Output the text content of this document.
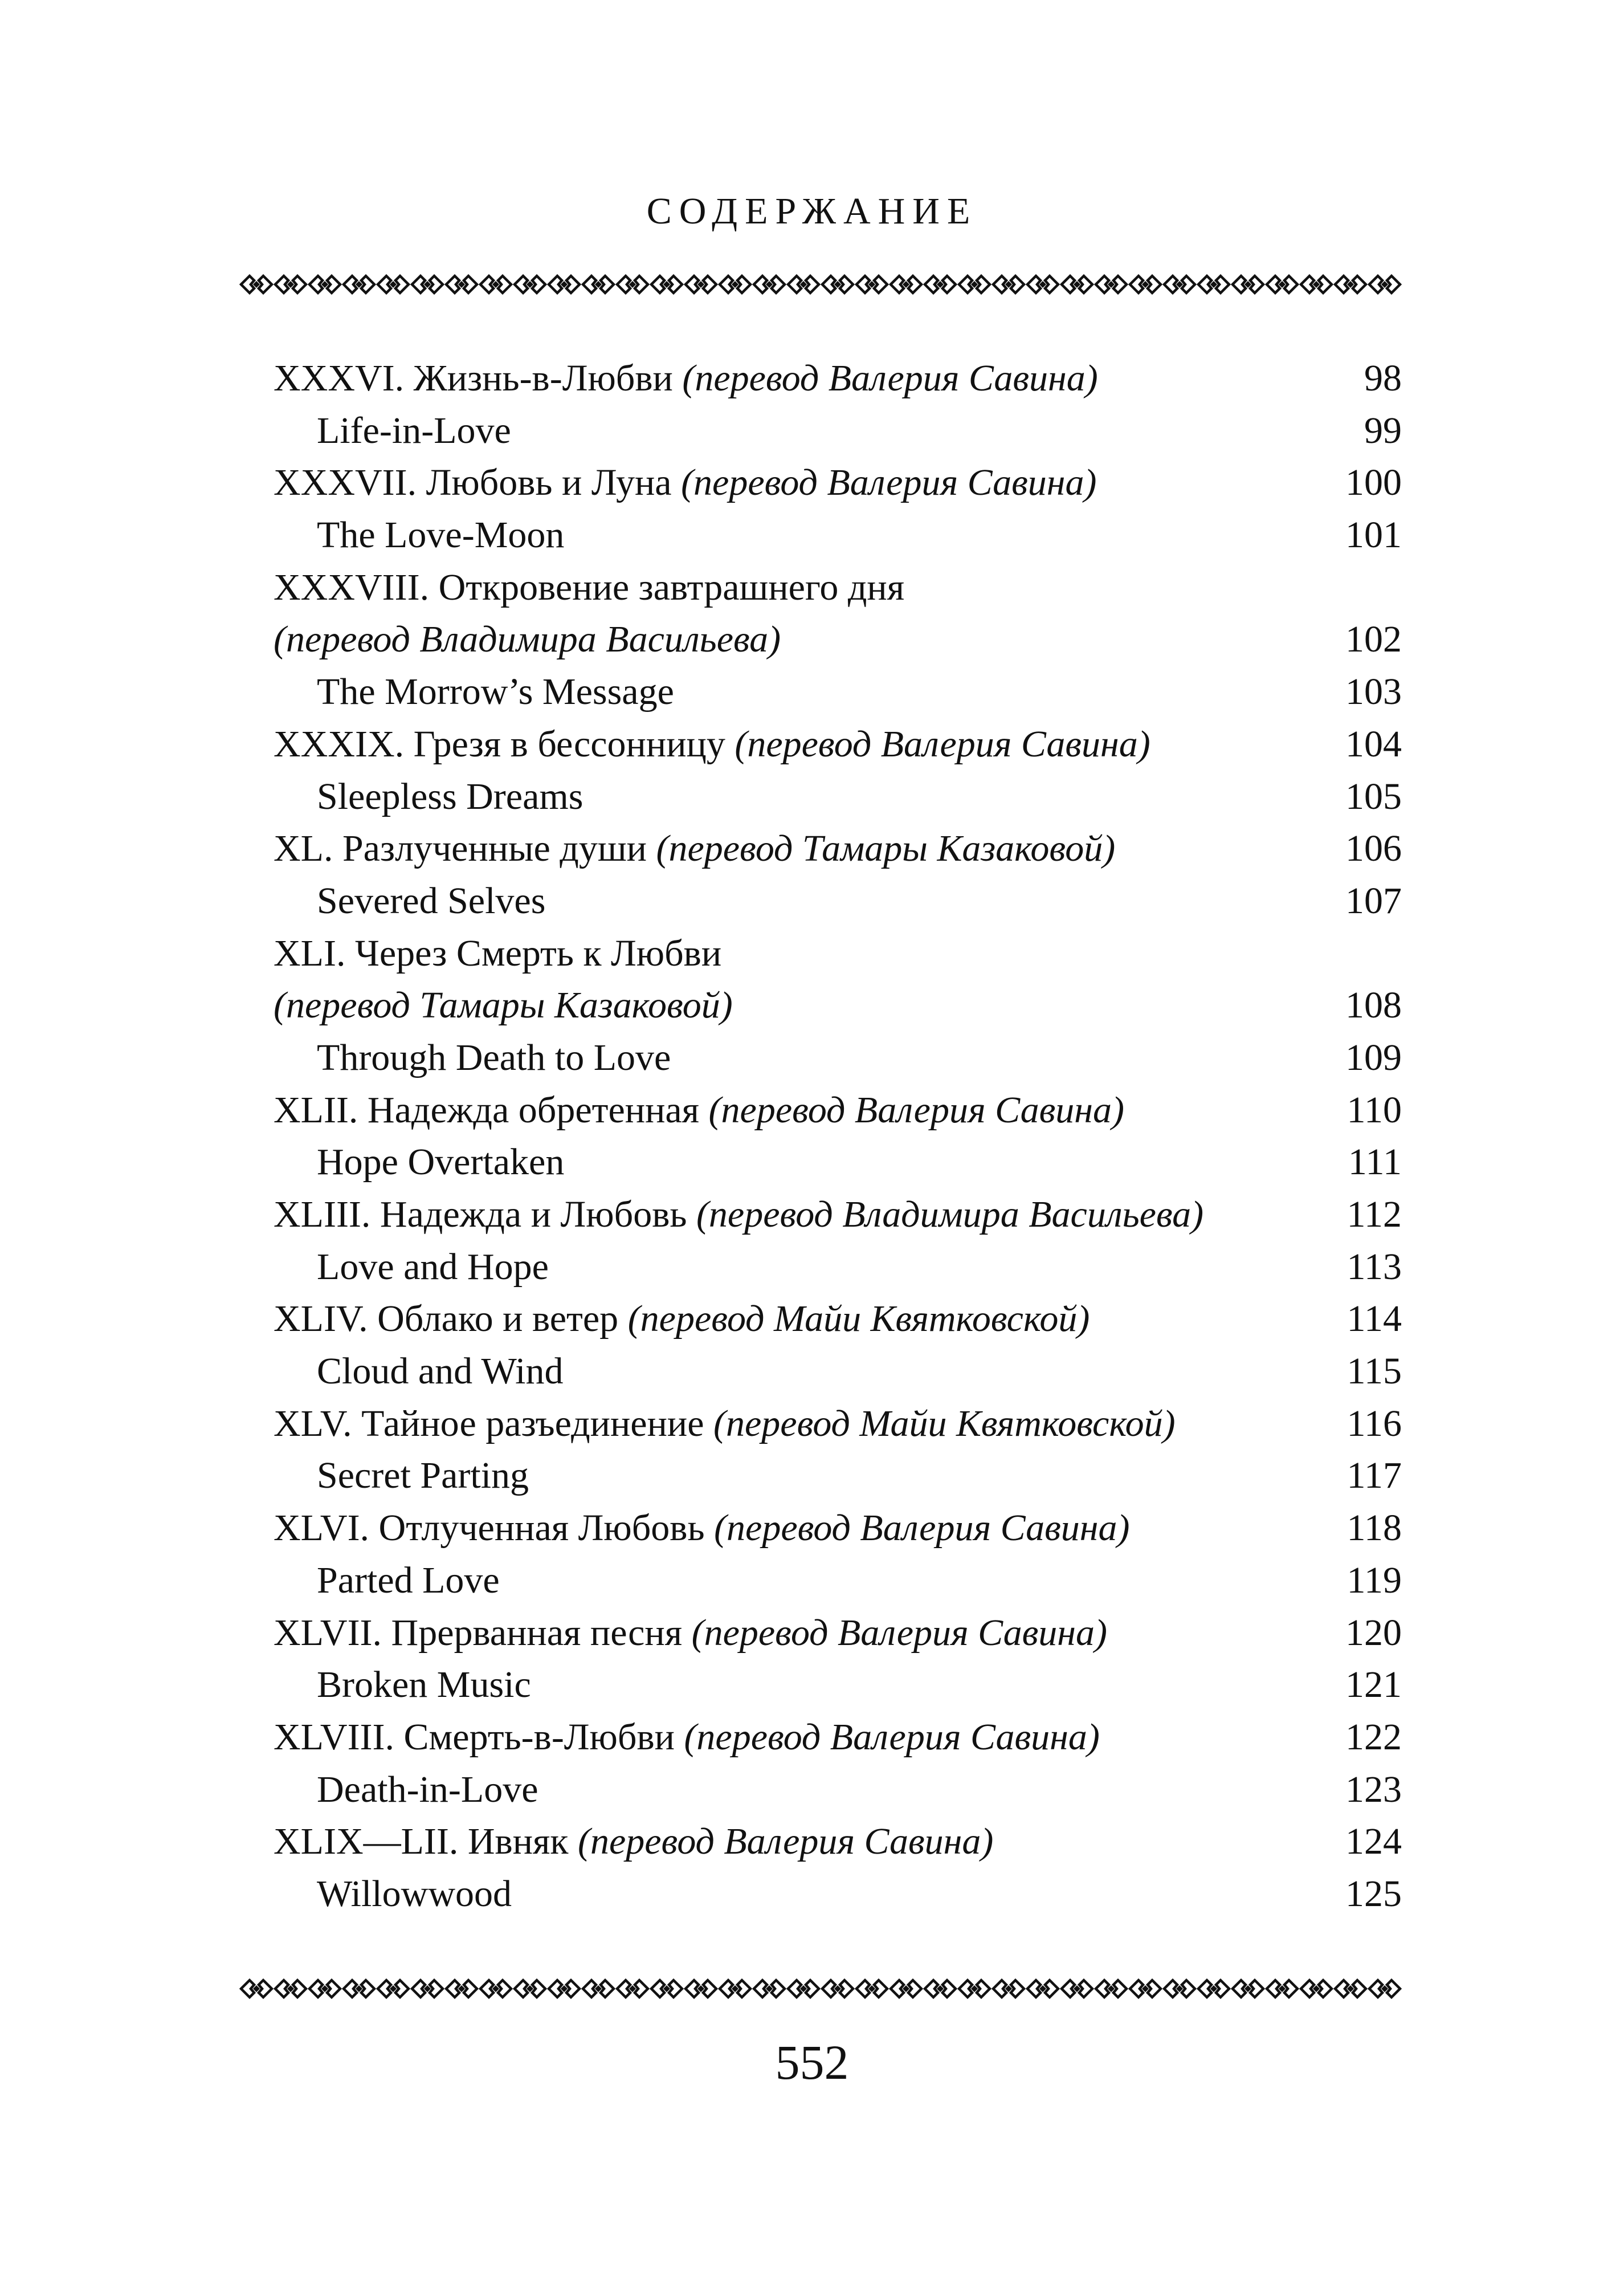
СОДЕРЖАНИЕ
XXXVI. Жизнь-в-Любви (перевод Валерия Савина)	98
Life-in-Love	99
XXXVII. Любовь и Луна (перевод Валерия Савина)	100
The Love-Moon	101
XXXVIII. Откровение завтрашнего дня
(перевод Владимира Васильева)	102
The Morrow’s Message	103
XXXIX. Грезя в бессонницу (перевод Валерия Савина)	104
Sleepless Dreams	105
XL. Разлученные души (перевод Тамары Казаковой)	106
Severed Selves	107
XLI. Через Смерть к Любви
(перевод Тамары Казаковой)	108
Through Death to Love	109
XLII. Надежда обретенная (перевод Валерия Савина)	110
Hope Overtaken	111
XLIII. Надежда и Любовь (перевод Владимира Васильева)	112
Love and Hope	113
XLIV. Облако и ветер (перевод Майи Квятковской)	114
Cloud and Wind	115
XLV. Тайное разъединение (перевод Майи Квятковской)	116
Secret Parting	117
XLVI. Отлученная Любовь (перевод Валерия Савина)	118
Parted Love	119
XLVII. Прерванная песня (перевод Валерия Савина)	120
Broken Music	121
XLVIII. Смерть-в-Любви (перевод Валерия Савина)	122
Death-in-Love	123
XLIX—LII. Ивняк (перевод Валерия Савина)	124
Willowwood	125
552
